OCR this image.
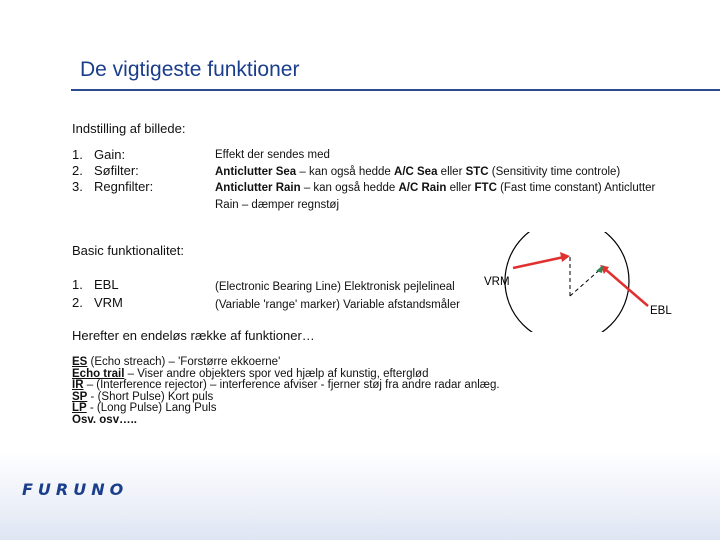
De vigtigeste funktioner
Indstilling af billede:
1. Gain:
2. Søfilter:
3. Regnfilter:
Effekt der sendes med
Anticlutter Sea – kan også hedde A/C Sea eller STC (Sensitivity time controle)
Anticlutter Rain – kan også hedde A/C Rain eller FTC (Fast time constant) Anticlutter
Rain – dæmper regnstøj
Basic funktionalitet:
1. EBL
2. VRM
(Electronic Bearing Line) Elektronisk pejlelineal
(Variable 'range' marker) Variable afstandsmåler
VRM
EBL
Herefter en endeløs række af funktioner…
ES (Echo streach) – 'Forstørre ekkoerne'
Echo trail – Viser andre objekters spor ved hjælp af kunstig, efterglød
IR – (Interference rejector) – interference afviser - fjerner støj fra andre radar anlæg.
SP - (Short Pulse) Kort puls
LP - (Long Pulse) Lang Puls
Osv. osv…..
FURUNO
